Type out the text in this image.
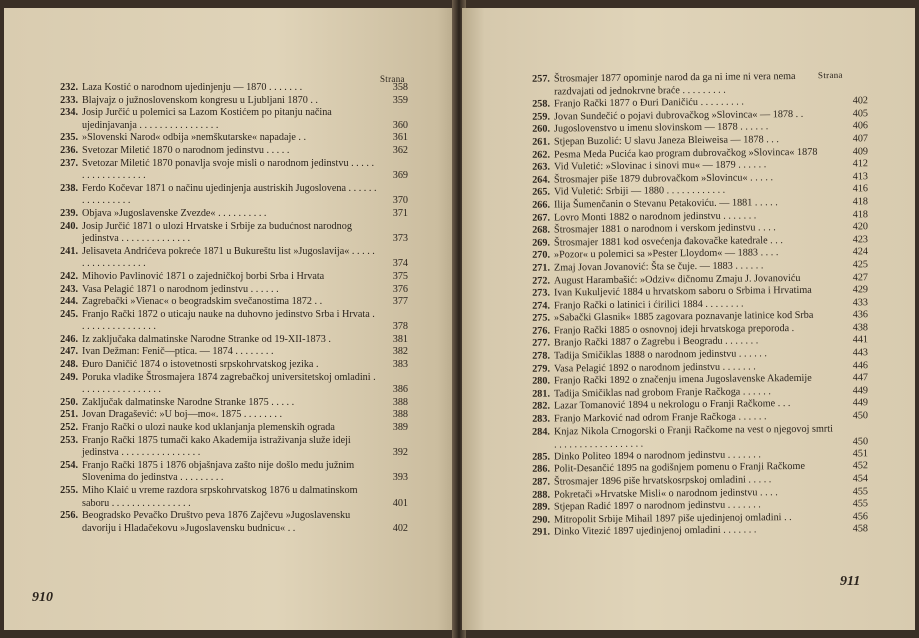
Strana
232. Laza Kostić o narodnom ujedinjenju — 1870 . . . . . . .	358
233. Blajvajz o južnoslovenskom kongresu u Ljubljani 1870 . .	359
234. Josip Jurčić u polemici sa Lazom Kostićem po pitanju načina ujedinjavanja . . . . . . . . . . . . . . . .	360
235. »Slovenski Narod« odbija »nemškutarske« napadaje . .	361
236. Svetozar Miletić 1870 o narodnom jedinstvu . . . . .	362
237. Svetozar Miletić 1870 ponavlja svoje misli o narodnom jedinstvu . . . . . . . . . . . . . . . . . .	369
238. Ferdo Kočevar 1871 o načinu ujedinjenja austriskih Jugoslovena . . . . . . . . . . . . . . . .	370
239. Objava »Jugoslavenske Zvezde« . . . . . . . . . .	371
240. Josip Jurčić 1871 o ulozi Hrvatske i Srbije za budućnost narodnog jedinstva . . . . . . . . . . . . . .	373
241. Jelisaveta Andrićeva pokreće 1871 u Bukureštu list »Jugoslavija« . . . . . . . . . . . . . . . . . .	374
242. Mihovio Pavlinović 1871 o zajedničkoj borbi Srba i Hrvata	375
243. Vasa Pelagić 1871 o narodnom jedinstvu . . . . . .	376
244. Zagrebački »Vienac« o beogradskim svečanostima 1872 . .	377
245. Franjo Rački 1872 o uticaju nauke na duhovno jedinstvo Srba i Hrvata . . . . . . . . . . . . . . . .	378
246. Iz zaključaka dalmatinske Narodne Stranke od 19-XII-1873 .	381
247. Ivan Dežman: Fenič—ptica. — 1874 . . . . . . . .	382
248. Đuro Daničić 1874 o istovetnosti srpskohrvatskog jezika .	383
249. Poruka vladike Štrosmajera 1874 zagrebačkoj universitetskoj omladini . . . . . . . . . . . . . . . . .	386
250. Zaključak dalmatinske Narodne Stranke 1875 . . . . .	388
251. Jovan Dragašević: »U boj—mo«. 1875 . . . . . . . .	388
252. Franjo Rački o ulozi nauke kod uklanjanja plemenskih ograda	389
253. Franjo Rački 1875 tumači kako Akademija istraživanja služe ideji jedinstva . . . . . . . . . . . . . . . .	392
254. Franjo Rački 1875 i 1876 objašnjava zašto nije došlo medu južnim Slovenima do jedinstva . . . . . . . . .	393
255. Miho Klaić u vreme razdora srpskohrvatskog 1876 u dalmatinskom saboru . . . . . . . . . . . . . . . .	401
256. Beogradsko Pevačko Društvo peva 1876 Zajčevu »Jugoslavensku davoriju i Hladačekovu »Jugoslavensku budnicu« . .	402
910
Strana
257. Štrosmajer 1877 opominje narod da ga ni ime ni vera nema razdvajati od jednokrvne braće . . . . . . . . .
258. Franjo Rački 1877 o Đuri Daničiću . . . . . . . . .	402
259. Jovan Sundečić o pojavi dubrovačkog »Slovinca« — 1878 . .	405
260. Jugoslovenstvo u imenu slovinskom — 1878 . . . . . .	406
261. Stjepan Buzolić: U slavu Janeza Bleiweisa — 1878 . . .	407
262. Pesma Meda Pucića kao program dubrovačkog »Slovinca« 1878	409
263. Vid Vuletić: »Slovinac i sinovi mu« — 1879 . . . . . .	412
264. Štrosmajer piše 1879 dubrovačkom »Slovincu« . . . . .	413
265. Vid Vuletić: Srbiji — 1880 . . . . . . . . . . . .	416
266. Ilija Šumenčanin o Stevanu Petakoviću. — 1881 . . . . .	418
267. Lovro Monti 1882 o narodnom jedinstvu . . . . . . .	418
268. Štrosmajer 1881 o narodnom i verskom jedinstvu . . . .	420
269. Štrosmajer 1881 kod osvećenja đakovačke katedrale . . .	423
270. »Pozor« u polemici sa »Pester Lloydom« — 1883 . . . .	424
271. Zmaj Jovan Jovanović: Šta se čuje. — 1883 . . . . . .	425
272. August Harambašić: »Odziv« dičnomu Zmaju J. Jovanoviću	427
273. Ivan Kukuljević 1884 u hrvatskom saboru o Srbima i Hrvatima	429
274. Franjo Rački o latinici i ćirilici 1884 . . . . . . . .	433
275. »Sabački Glasnik« 1885 zagovara poznavanje latinice kod Srba	436
276. Franjo Rački 1885 o osnovnoj ideji hrvatskoga preporoda .	438
277. Branjo Rački 1887 o Zagrebu i Beogradu . . . . . . .	441
278. Tadija Smičiklas 1888 o narodnom jedinstvu . . . . . .	443
279. Vasa Pelagić 1892 o narodnom jedinstvu . . . . . . .	446
280. Franjo Rački 1892 o značenju imena Jugoslavenske Akademije	447
281. Tadija Smičiklas nad grobom Franje Račkoga . . . . . .	449
282. Lazar Tomanović 1894 u nekrologu o Franji Račkome . . .	449
283. Franjo Marković nad odrom Franje Račkoga . . . . . .	450
284. Knjaz Nikola Crnogorski o Franji Račkome na vest o njegovoj smrti . . . . . . . . . . . . . . . . . .	450
285. Dinko Politeo 1894 o narodnom jedinstvu . . . . . . .	451
286. Polit-Desančić 1895 na godišnjem pomenu o Franji Račkome	452
287. Štrosmajer 1896 piše hrvatskosrpskoj omladini . . . . .	454
288. Pokretači »Hrvatske Misli« o narodnom jedinstvu . . . .	455
289. Stjepan Radić 1897 o narodnom jedinstvu . . . . . . .	455
290. Mitropolit Srbije Mihail 1897 piše ujedinjenoj omladini . .	456
291. Dinko Vitezić 1897 ujedinjenoj omladini . . . . . . .	458
911
